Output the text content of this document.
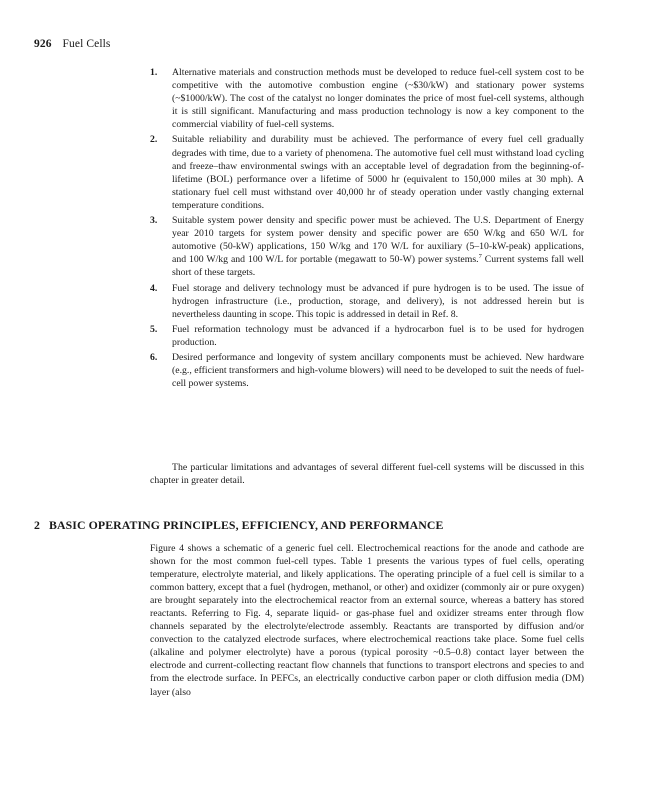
926 Fuel Cells
1. Alternative materials and construction methods must be developed to reduce fuel-cell system cost to be competitive with the automotive combustion engine (~$30/kW) and stationary power systems (~$1000/kW). The cost of the catalyst no longer dominates the price of most fuel-cell systems, although it is still significant. Manufacturing and mass production technology is now a key component to the commercial viability of fuel-cell systems.
2. Suitable reliability and durability must be achieved. The performance of every fuel cell gradually degrades with time, due to a variety of phenomena. The automotive fuel cell must withstand load cycling and freeze–thaw environmental swings with an acceptable level of degradation from the beginning-of-lifetime (BOL) performance over a lifetime of 5000 hr (equivalent to 150,000 miles at 30 mph). A stationary fuel cell must withstand over 40,000 hr of steady operation under vastly changing external temperature conditions.
3. Suitable system power density and specific power must be achieved. The U.S. Department of Energy year 2010 targets for system power density and specific power are 650 W/kg and 650 W/L for automotive (50-kW) applications, 150 W/kg and 170 W/L for auxiliary (5–10-kW-peak) applications, and 100 W/kg and 100 W/L for portable (megawatt to 50-W) power systems.$^7$ Current systems fall well short of these targets.
4. Fuel storage and delivery technology must be advanced if pure hydrogen is to be used. The issue of hydrogen infrastructure (i.e., production, storage, and delivery), is not addressed herein but is nevertheless daunting in scope. This topic is addressed in detail in Ref. 8.
5. Fuel reformation technology must be advanced if a hydrocarbon fuel is to be used for hydrogen production.
6. Desired performance and longevity of system ancillary components must be achieved. New hardware (e.g., efficient transformers and high-volume blowers) will need to be developed to suit the needs of fuel-cell power systems.

The particular limitations and advantages of several different fuel-cell systems will be discussed in this chapter in greater detail.

2 BASIC OPERATING PRINCIPLES, EFFICIENCY, AND PERFORMANCE

Figure 4 shows a schematic of a generic fuel cell. Electrochemical reactions for the anode and cathode are shown for the most common fuel-cell types. Table 1 presents the various types of fuel cells, operating temperature, electrolyte material, and likely applications. The operating principle of a fuel cell is similar to a common battery, except that a fuel (hydrogen, methanol, or other) and oxidizer (commonly air or pure oxygen) are brought separately into the electrochemical reactor from an external source, whereas a battery has stored reactants. Referring to Fig. 4, separate liquid- or gas-phase fuel and oxidizer streams enter through flow channels separated by the electrolyte/electrode assembly. Reactants are transported by diffusion and/or convection to the catalyzed electrode surfaces, where electrochemical reactions take place. Some fuel cells (alkaline and polymer electrolyte) have a porous (typical porosity ~0.5–0.8) contact layer between the electrode and current-collecting reactant flow channels that functions to transport electrons and species to and from the electrode surface. In PEFCs, an electrically conductive carbon paper or cloth diffusion media (DM) layer (also
